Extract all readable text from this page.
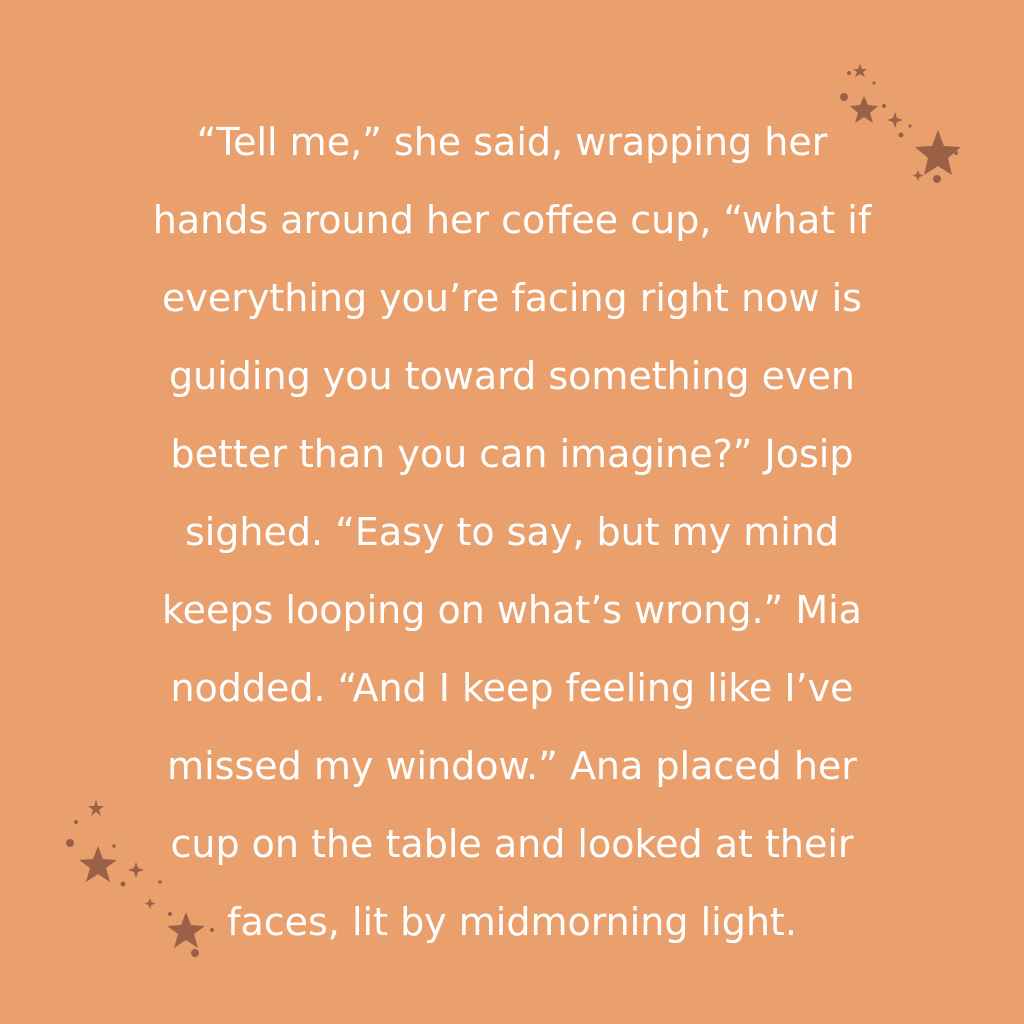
“Tell me,” she said, wrapping her
hands around her coffee cup, “what if
everything you’re facing right now is
guiding you toward something even
better than you can imagine?” Josip
sighed. “Easy to say, but my mind
keeps looping on what’s wrong.” Mia
nodded. “And I keep feeling like I’ve
missed my window.” Ana placed her
cup on the table and looked at their
faces, lit by midmorning light.
